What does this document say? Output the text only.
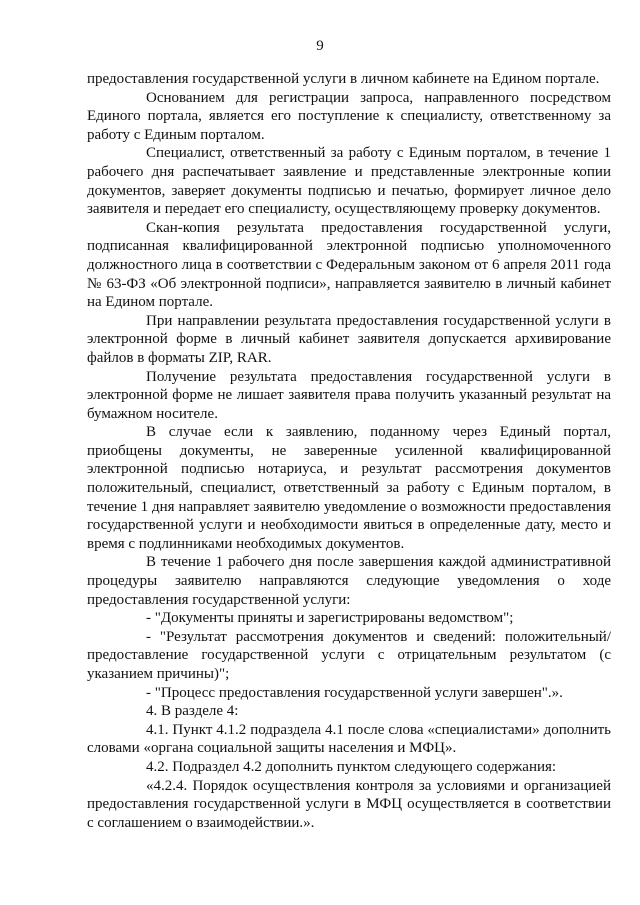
9

предоставления государственной услуги в личном кабинете на Едином портале.

Основанием для регистрации запроса, направленного посредством Единого портала, является его поступление к специалисту, ответственному за работу с Единым порталом.

Специалист, ответственный за работу с Единым порталом, в течение 1 рабочего дня распечатывает заявление и представленные электронные копии документов, заверяет документы подписью и печатью, формирует личное дело заявителя и передает его специалисту, осуществляющему проверку документов.

Скан-копия результата предоставления государственной услуги, подписанная квалифицированной электронной подписью уполномоченного должностного лица в соответствии с Федеральным законом от 6 апреля 2011 года № 63-ФЗ «Об электронной подписи», направляется заявителю в личный кабинет на Едином портале.

При направлении результата предоставления государственной услуги в электронной форме в личный кабинет заявителя допускается архивирование файлов в форматы ZIP, RAR.

Получение результата предоставления государственной услуги в электронной форме не лишает заявителя права получить указанный результат на бумажном носителе.

В случае если к заявлению, поданному через Единый портал, приобщены документы, не заверенные усиленной квалифицированной электронной подписью нотариуса, и результат рассмотрения документов положительный, специалист, ответственный за работу с Единым порталом, в течение 1 дня направляет заявителю уведомление о возможности предоставления государственной услуги и необходимости явиться в определенные дату, место и время с подлинниками необходимых документов.

В течение 1 рабочего дня после завершения каждой административной процедуры заявителю направляются следующие уведомления о ходе предоставления государственной услуги:

- "Документы приняты и зарегистрированы ведомством";

- "Результат рассмотрения документов и сведений: положительный/предоставление государственной услуги с отрицательным результатом (с указанием причины)";

- "Процесс предоставления государственной услуги завершен".».

4. В разделе 4:

4.1. Пункт 4.1.2 подраздела 4.1 после слова «специалистами» дополнить словами «органа социальной защиты населения и МФЦ».

4.2. Подраздел 4.2 дополнить пунктом следующего содержания:

«4.2.4. Порядок осуществления контроля за условиями и организацией предоставления государственной услуги в МФЦ осуществляется в соответствии с соглашением о взаимодействии.».
